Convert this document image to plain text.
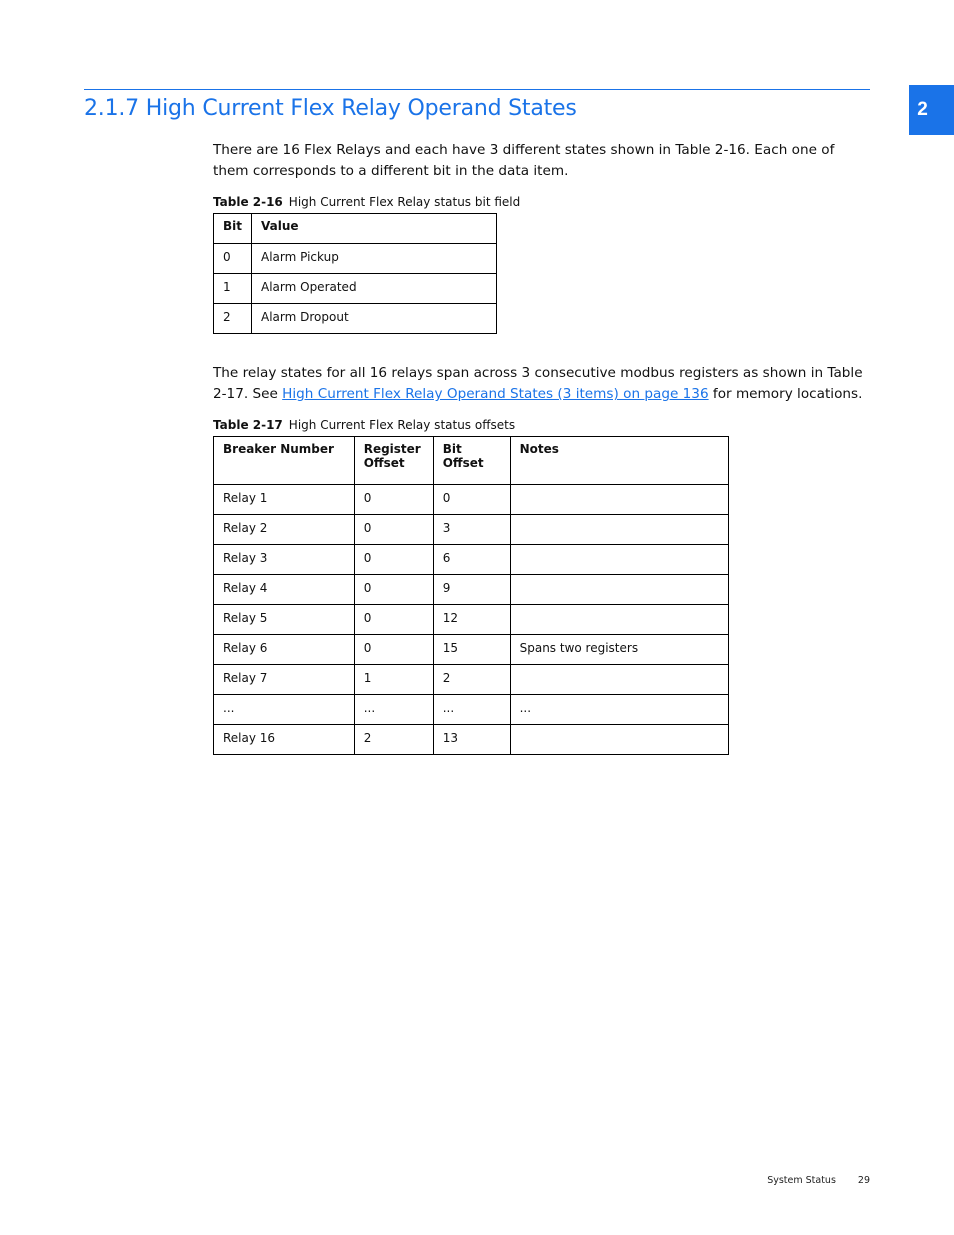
2
2.1.7 High Current Flex Relay Operand States

There are 16 Flex Relays and each have 3 different states shown in Table 2-16. Each one of them corresponds to a different bit in the data item.

Table 2-16 High Current Flex Relay status bit field

Bit	Value
0	Alarm Pickup
1	Alarm Operated
2	Alarm Dropout

The relay states for all 16 relays span across 3 consecutive modbus registers as shown in Table 2-17. See High Current Flex Relay Operand States (3 items) on page 136 for memory locations.

Table 2-17 High Current Flex Relay status offsets

Breaker Number	Register Offset	Bit Offset	Notes
Relay 1	0	0	
Relay 2	0	3	
Relay 3	0	6	
Relay 4	0	9	
Relay 5	0	12	
Relay 6	0	15	Spans two registers
Relay 7	1	2	
...	...	...	...
Relay 16	2	13	
System Status 29
